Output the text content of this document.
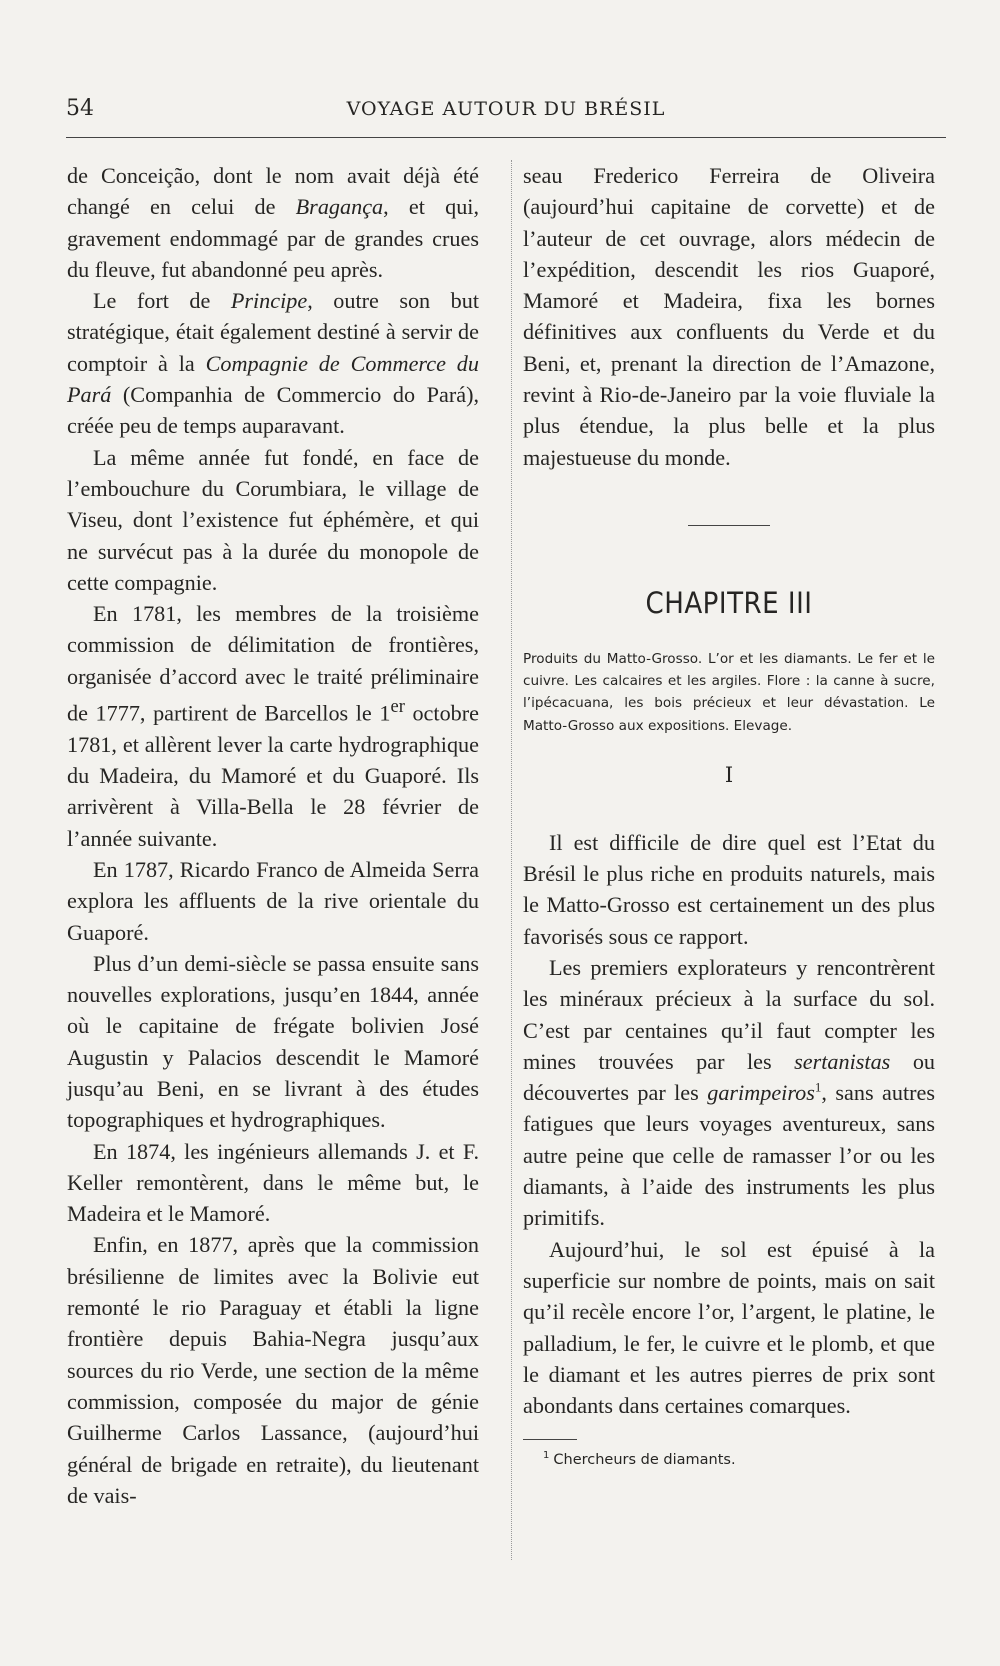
54	VOYAGE AUTOUR DU BRÉSIL

de Conceição, dont le nom avait déjà été changé en celui de Bragança, et qui, gravement endommagé par de grandes crues du fleuve, fut abandonné peu après.

Le fort de Principe, outre son but stratégique, était également destiné à servir de comptoir à la Compagnie de Commerce du Pará (Companhia de Commercio do Pará), créée peu de temps auparavant.

La même année fut fondé, en face de l’embouchure du Corumbiara, le village de Viseu, dont l’existence fut éphémère, et qui ne survécut pas à la durée du monopole de cette compagnie.

En 1781, les membres de la troisième commission de délimitation de frontières, organisée d’accord avec le traité préliminaire de 1777, partirent de Barcellos le 1er octobre 1781, et allèrent lever la carte hydrographique du Madeira, du Mamoré et du Guaporé. Ils arrivèrent à Villa-Bella le 28 février de l’année suivante.

En 1787, Ricardo Franco de Almeida Serra explora les affluents de la rive orientale du Guaporé.

Plus d’un demi-siècle se passa ensuite sans nouvelles explorations, jusqu’en 1844, année où le capitaine de frégate bolivien José Augustin y Palacios descendit le Mamoré jusqu’au Beni, en se livrant à des études topographiques et hydrographiques.

En 1874, les ingénieurs allemands J. et F. Keller remontèrent, dans le même but, le Madeira et le Mamoré.

Enfin, en 1877, après que la commission brésilienne de limites avec la Bolivie eut remonté le rio Paraguay et établi la ligne frontière depuis Bahia-Negra jusqu’aux sources du rio Verde, une section de la même commission, composée du major de génie Guilherme Carlos Lassance, (aujourd’hui général de brigade en retraite), du lieutenant de vais-

seau Frederico Ferreira de Oliveira (aujourd’hui capitaine de corvette) et de l’auteur de cet ouvrage, alors médecin de l’expédition, descendit les rios Guaporé, Mamoré et Madeira, fixa les bornes définitives aux confluents du Verde et du Beni, et, prenant la direction de l’Amazone, revint à Rio-de-Janeiro par la voie fluviale la plus étendue, la plus belle et la plus majestueuse du monde.

CHAPITRE III
Produits du Matto-Grosso. L’or et les diamants. Le fer et le cuivre. Les calcaires et les argiles. Flore : la canne à sucre, l’ipécacuana, les bois précieux et leur dévastation. Le Matto-Grosso aux expositions. Elevage.
I

Il est difficile de dire quel est l’Etat du Brésil le plus riche en produits naturels, mais le Matto-Grosso est certainement un des plus favorisés sous ce rapport.

Les premiers explorateurs y rencontrèrent les minéraux précieux à la surface du sol. C’est par centaines qu’il faut compter les mines trouvées par les sertanistas ou découvertes par les garimpeiros$^1$, sans autres fatigues que leurs voyages aventureux, sans autre peine que celle de ramasser l’or ou les diamants, à l’aide des instruments les plus primitifs.

Aujourd’hui, le sol est épuisé à la superficie sur nombre de points, mais on sait qu’il recèle encore l’or, l’argent, le platine, le palladium, le fer, le cuivre et le plomb, et que le diamant et les autres pierres de prix sont abondants dans certaines comarques.

$^1$ Chercheurs de diamants.
